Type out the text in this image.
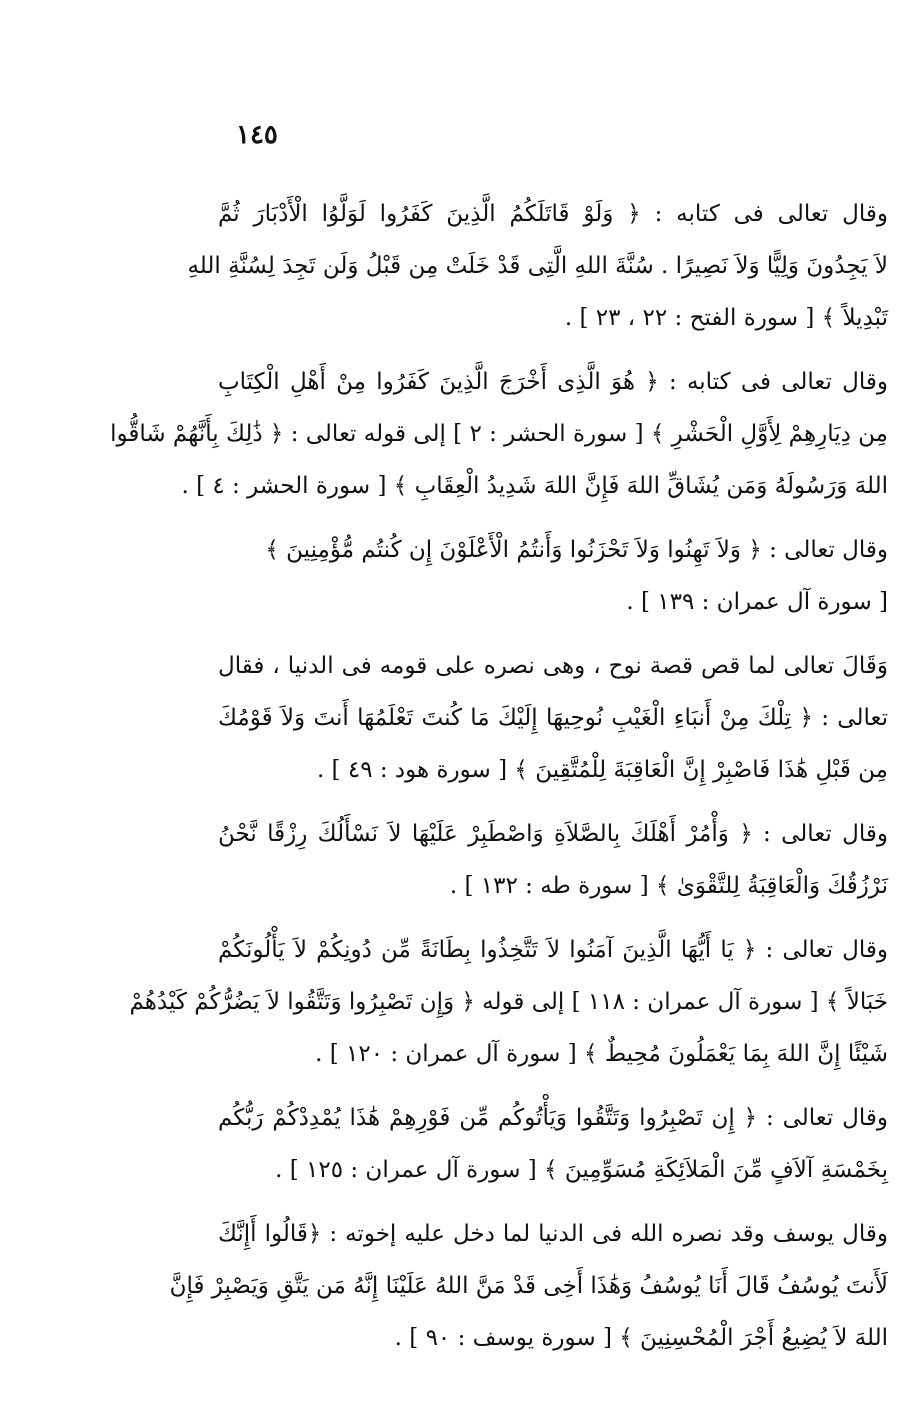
١٤٥
وقال تعالى فى كتابه : ﴿ وَلَوْ قَاتَلَكُمُ الَّذِينَ كَفَرُوا لَوَلَّوُا الْأَدْبَارَ ثُمَّ
لاَ يَجِدُونَ وَلِيًّا وَلاَ نَصِيرًا . سُنَّةَ اللهِ الَّتِى قَدْ خَلَتْ مِن قَبْلُ وَلَن تَجِدَ لِسُنَّةِ اللهِ
تَبْدِيلاً ﴾ [ سورة الفتح : ٢٢ ، ٢٣ ] .
وقال تعالى فى كتابه : ﴿ هُوَ الَّذِى أَخْرَجَ الَّذِينَ كَفَرُوا مِنْ أَهْلِ الْكِتَابِ
مِن دِيَارِهِمْ لِأَوَّلِ الْحَشْرِ ﴾ [ سورة الحشر : ٢ ] إلى قوله تعالى : ﴿ ذَٰلِكَ بِأَنَّهُمْ شَاقُّوا
اللهَ وَرَسُولَهُ وَمَن يُشَاقِّ اللهَ فَإِنَّ اللهَ شَدِيدُ الْعِقَابِ ﴾ [ سورة الحشر : ٤ ] .
وقال تعالى : ﴿ وَلاَ تَهِنُوا وَلاَ تَحْزَنُوا وَأَنتُمُ الْأَعْلَوْنَ إِن كُنتُم مُّؤْمِنِينَ ﴾
[ سورة آل عمران : ١٣٩ ] .
وَقَالَ تعالى لما قص قصة نوح ، وهى نصره على قومه فى الدنيا ، فقال
تعالى : ﴿ تِلْكَ مِنْ أَنبَاءِ الْغَيْبِ نُوحِيهَا إِلَيْكَ مَا كُنتَ تَعْلَمُهَا أَنتَ وَلاَ قَوْمُكَ
مِن قَبْلِ هَٰذَا فَاصْبِرْ إِنَّ الْعَاقِبَةَ لِلْمُتَّقِينَ ﴾ [ سورة هود : ٤٩ ] .
وقال تعالى : ﴿ وَأْمُرْ أَهْلَكَ بِالصَّلاَةِ وَاصْطَبِرْ عَلَيْهَا لاَ نَسْأَلُكَ رِزْقًا نَّحْنُ
نَرْزُقُكَ وَالْعَاقِبَةُ لِلتَّقْوَىٰ ﴾ [ سورة طه : ١٣٢ ] .
وقال تعالى : ﴿ يَا أَيُّهَا الَّذِينَ آمَنُوا لاَ تَتَّخِذُوا بِطَانَةً مِّن دُونِكُمْ لاَ يَأْلُونَكُمْ
خَبَالاً ﴾ [ سورة آل عمران : ١١٨ ] إلى قوله ﴿ وَإِن تَصْبِرُوا وَتَتَّقُوا لاَ يَضُرُّكُمْ كَيْدُهُمْ
شَيْئًا إِنَّ اللهَ بِمَا يَعْمَلُونَ مُحِيطٌ ﴾ [ سورة آل عمران : ١٢٠ ] .
وقال تعالى : ﴿ إِن تَصْبِرُوا وَتَتَّقُوا وَيَأْتُوكُم مِّن فَوْرِهِمْ هَٰذَا يُمْدِدْكُمْ رَبُّكُم
بِخَمْسَةِ آلاَفٍ مِّنَ الْمَلاَئِكَةِ مُسَوِّمِينَ ﴾ [ سورة آل عمران : ١٢٥ ] .
وقال يوسف وقد نصره الله فى الدنيا لما دخل عليه إخوته : ﴿قَالُوا أَإِنَّكَ
لَأَنتَ يُوسُفُ قَالَ أَنَا يُوسُفُ وَهَٰذَا أَخِى قَدْ مَنَّ اللهُ عَلَيْنَا إِنَّهُ مَن يَتَّقِ وَيَصْبِرْ فَإِنَّ
اللهَ لاَ يُضِيعُ أَجْرَ الْمُحْسِنِينَ ﴾ [ سورة يوسف : ٩٠ ] .
